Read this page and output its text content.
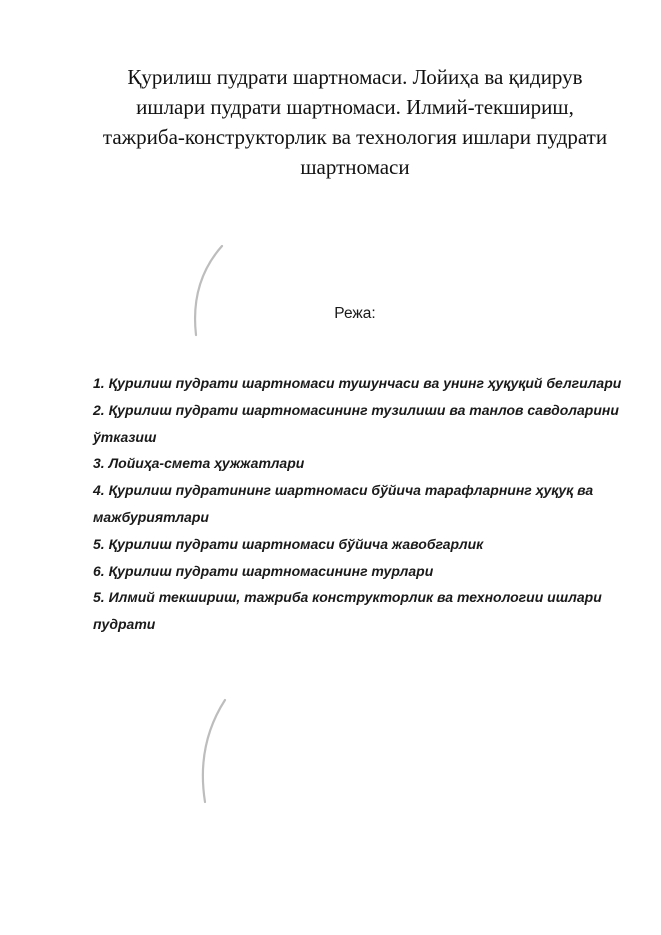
Қурилиш пудрати шартномаси. Лойиҳа ва қидирув ишлари пудрати шартномаси. Илмий-текшириш, тажриба-конструкторлик ва технология ишлари пудрати шартномаси
Режа:
1. Қурилиш пудрати шартномаси тушунчаси ва унинг ҳуқуқий белгилари
2. Қурилиш пудрати шартномасининг тузилиши ва танлов савдоларини ўтказиш
3. Лойиҳа-смета ҳужжатлари
4. Қурилиш пудратининг шартномаси бўйича тарафларнинг ҳуқуқ ва мажбуриятлари
5. Қурилиш пудрати шартномаси бўйича жавобгарлик
6. Қурилиш пудрати шартномасининг турлари
5. Илмий текшириш, тажриба конструкторлик ва технологии ишлари пудрати
